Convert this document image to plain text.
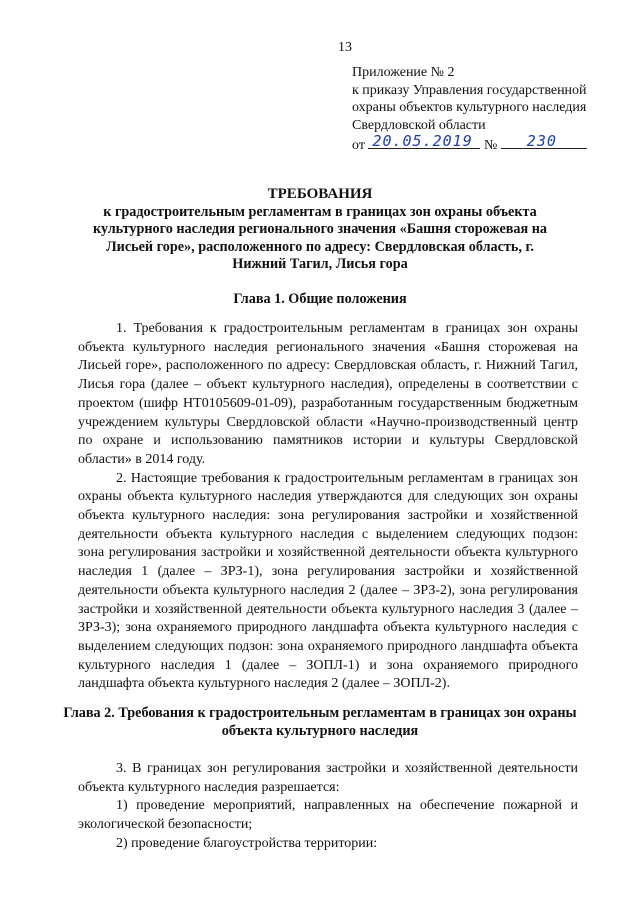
13
Приложение № 2
к приказу Управления государственной
охраны объектов культурного наследия
Свердловской области
от 20.05.2019 № 230
ТРЕБОВАНИЯ
к градостроительным регламентам в границах зон охраны объекта культурного наследия регионального значения «Башня сторожевая на Лисьей горе», расположенного по адресу: Свердловская область, г. Нижний Тагил, Лисья гора
Глава 1. Общие положения

1. Требования к градостроительным регламентам в границах зон охраны объекта культурного наследия регионального значения «Башня сторожевая на Лисьей горе», расположенного по адресу: Свердловская область, г. Нижний Тагил, Лисья гора (далее – объект культурного наследия), определены в соответствии с проектом (шифр НТ0105609-01-09), разработанным государственным бюджетным учреждением культуры Свердловской области «Научно-производственный центр по охране и использованию памятников истории и культуры Свердловской области» в 2014 году.

2. Настоящие требования к градостроительным регламентам в границах зон охраны объекта культурного наследия утверждаются для следующих зон охраны объекта культурного наследия: зона регулирования застройки и хозяйственной деятельности объекта культурного наследия с выделением следующих подзон: зона регулирования застройки и хозяйственной деятельности объекта культурного наследия 1 (далее – ЗРЗ-1), зона регулирования застройки и хозяйственной деятельности объекта культурного наследия 2 (далее – ЗРЗ-2), зона регулирования застройки и хозяйственной деятельности объекта культурного наследия 3 (далее – ЗРЗ-3); зона охраняемого природного ландшафта объекта культурного наследия с выделением следующих подзон: зона охраняемого природного ландшафта объекта культурного наследия 1 (далее – ЗОПЛ-1) и зона охраняемого природного ландшафта объекта культурного наследия 2 (далее – ЗОПЛ-2).

Глава 2. Требования к градостроительным регламентам в границах зон охраны объекта культурного наследия

3. В границах зон регулирования застройки и хозяйственной деятельности объекта культурного наследия разрешается:

1) проведение мероприятий, направленных на обеспечение пожарной и экологической безопасности;

2) проведение благоустройства территории:
